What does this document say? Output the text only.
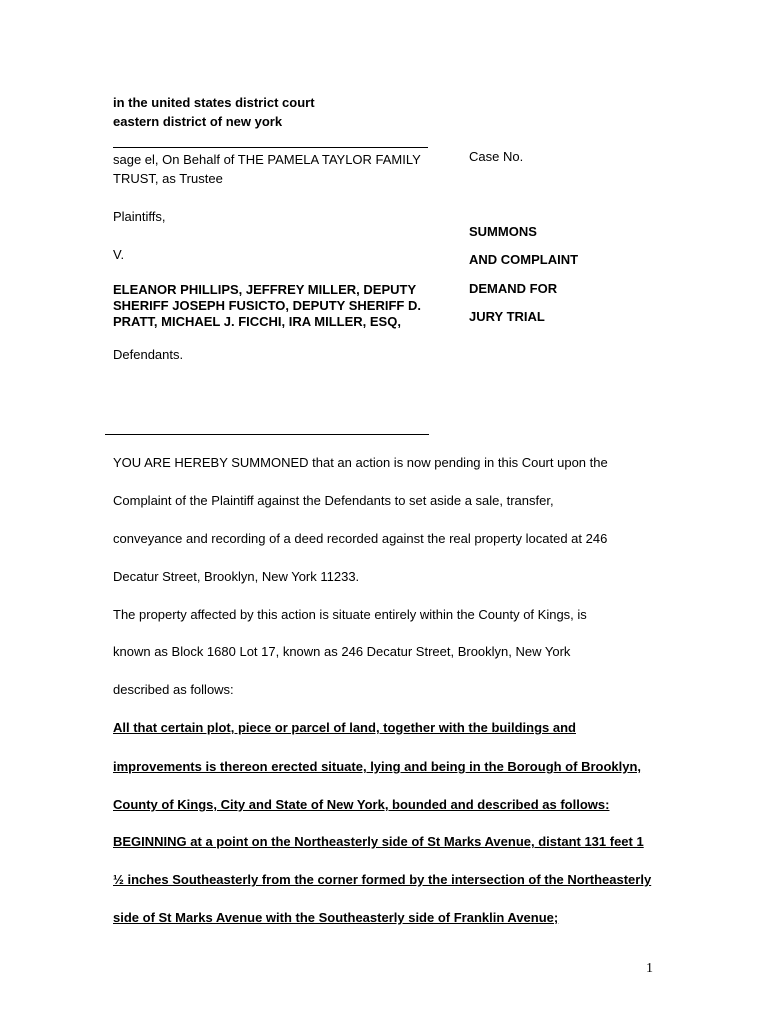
in the united states district court
eastern district of new york
sage el, On Behalf of THE PAMELA TAYLOR FAMILY
TRUST, as Trustee
Plaintiffs,
V.
ELEANOR PHILLIPS, JEFFREY MILLER, DEPUTY
SHERIFF JOSEPH FUSICTO, DEPUTY SHERIFF D.
PRATT, MICHAEL J. FICCHI, IRA MILLER, ESQ,
Defendants.
Case No.
SUMMONS
AND COMPLAINT
DEMAND FOR
JURY TRIAL
YOU ARE HEREBY SUMMONED that an action is now pending in this Court upon the
Complaint of the Plaintiff against the Defendants to set aside a sale, transfer,
conveyance and recording of a deed recorded against the real property located at 246
Decatur Street, Brooklyn, New York 11233.
The property affected by this action is situate entirely within the County of Kings, is
known as Block 1680 Lot 17, known as 246 Decatur Street, Brooklyn, New York
described as follows:
All that certain plot, piece or parcel of land, together with the buildings and
improvements is thereon erected situate, lying and being in the Borough of Brooklyn,
County of Kings, City and State of New York, bounded and described as follows:
BEGINNING at a point on the Northeasterly side of St Marks Avenue, distant 131 feet 1
½ inches Southeasterly from the corner formed by the intersection of the Northeasterly
side of St Marks Avenue with the Southeasterly side of Franklin Avenue;
1
